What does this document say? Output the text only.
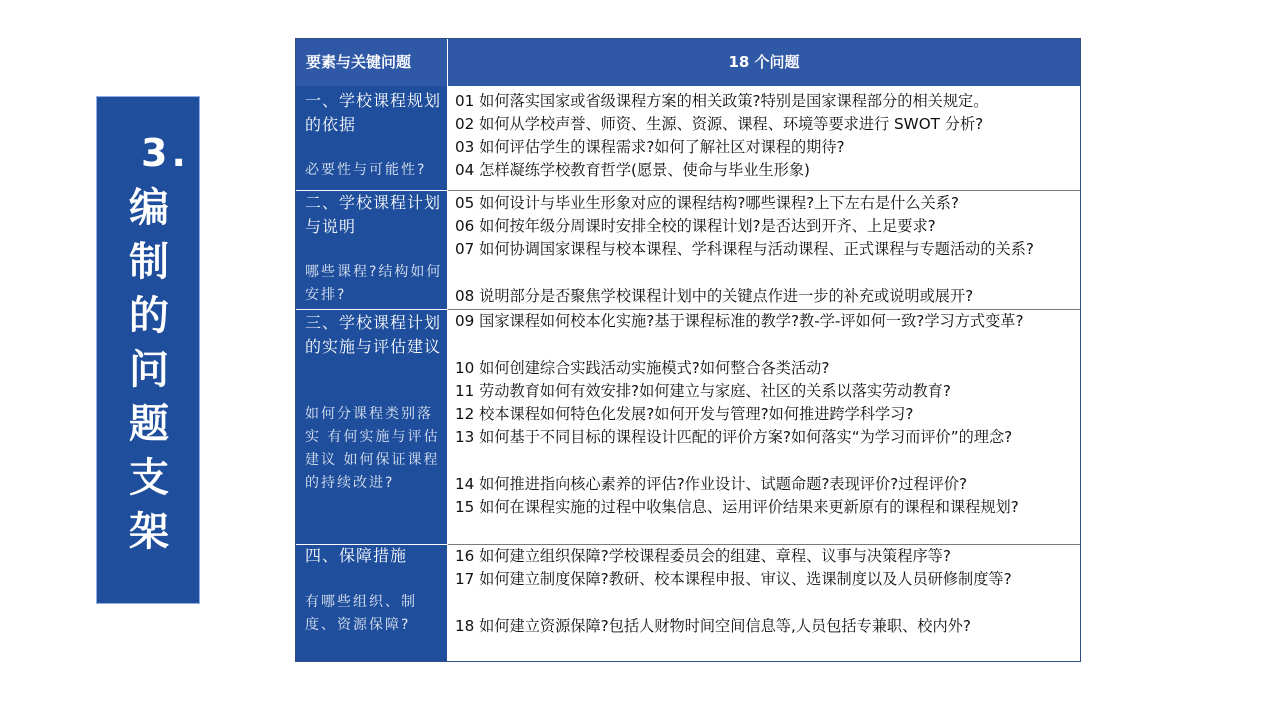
3.
编
制
的
问
题
支
架
要素与关键问题	18 个问题
一、学校课程规划的依据
必要性与可能性?
01 如何落实国家或省级课程方案的相关政策?特别是国家课程部分的相关规定。
02 如何从学校声誉、师资、生源、资源、课程、环境等要求进行 SWOT 分析?
03 如何评估学生的课程需求?如何了解社区对课程的期待?
04 怎样凝练学校教育哲学(愿景、使命与毕业生形象)
二、学校课程计划与说明
哪些课程?结构如何安排?
05 如何设计与毕业生形象对应的课程结构?哪些课程?上下左右是什么关系?
06 如何按年级分周课时安排全校的课程计划?是否达到开齐、上足要求?
07 如何协调国家课程与校本课程、学科课程与活动课程、正式课程与专题活动的关系?
08 说明部分是否聚焦学校课程计划中的关键点作进一步的补充或说明或展开?
三、学校课程计划的实施与评估建议
如何分课程类别落实 有何实施与评估建议 如何保证课程的持续改进?
09 国家课程如何校本化实施?基于课程标准的教学?教-学-评如何一致?学习方式变革?
10 如何创建综合实践活动实施模式?如何整合各类活动?
11 劳动教育如何有效安排?如何建立与家庭、社区的关系以落实劳动教育?
12 校本课程如何特色化发展?如何开发与管理?如何推进跨学科学习?
13 如何基于不同目标的课程设计匹配的评价方案?如何落实“为学习而评价”的理念?
14 如何推进指向核心素养的评估?作业设计、试题命题?表现评价?过程评价?
15 如何在课程实施的过程中收集信息、运用评价结果来更新原有的课程和课程规划?
四、保障措施
有哪些组织、制度、资源保障?
16 如何建立组织保障?学校课程委员会的组建、章程、议事与决策程序等?
17 如何建立制度保障?教研、校本课程申报、审议、选课制度以及人员研修制度等?
18 如何建立资源保障?包括人财物时间空间信息等,人员包括专兼职、校内外?
